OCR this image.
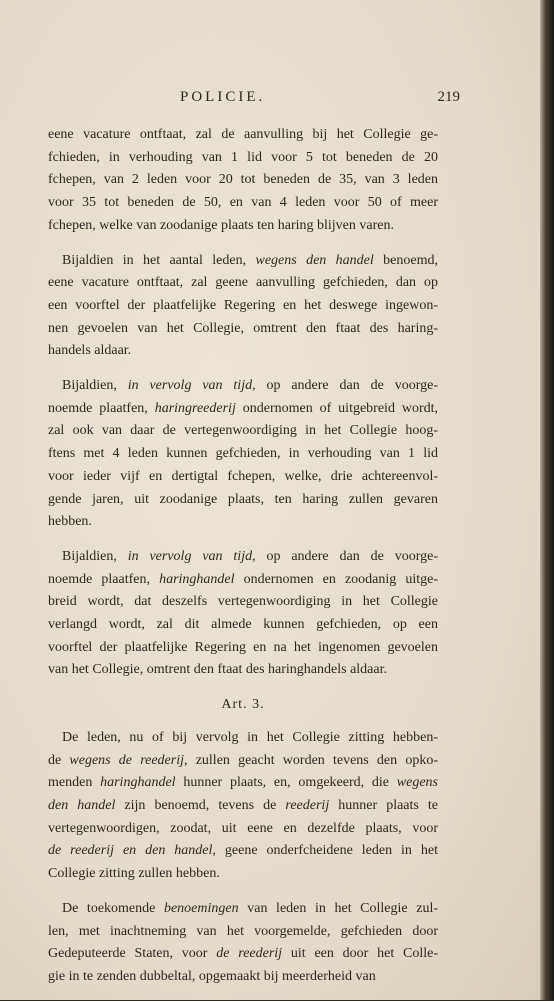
POLICIE.	219
eene vacature ontftaat, zal de aanvulling bij het Collegie ge-
fchieden, in verhouding van 1 lid voor 5 tot beneden de 20
fchepen, van 2 leden voor 20 tot beneden de 35, van 3 leden
voor 35 tot beneden de 50, en van 4 leden voor 50 of meer
fchepen, welke van zoodanige plaats ten haring blijven varen.
Bijaldien in het aantal leden, wegens den handel benoemd,
eene vacature ontftaat, zal geene aanvulling gefchieden, dan op
een voorftel der plaatfelijke Regering en het deswege ingewon-
nen gevoelen van het Collegie, omtrent den ftaat des haring-
handels aldaar.
Bijaldien, in vervolg van tijd, op andere dan de voorge-
noemde plaatfen, haringreederij ondernomen of uitgebreid wordt,
zal ook van daar de vertegenwoordiging in het Collegie hoog-
ftens met 4 leden kunnen gefchieden, in verhouding van 1 lid
voor ieder vijf en dertigtal fchepen, welke, drie achtereenvol-
gende jaren, uit zoodanige plaats, ten haring zullen gevaren
hebben.
Bijaldien, in vervolg van tijd, op andere dan de voorge-
noemde plaatfen, haringhandel ondernomen en zoodanig uitge-
breid wordt, dat deszelfs vertegenwoordiging in het Collegie
verlangd wordt, zal dit almede kunnen gefchieden, op een
voorftel der plaatfelijke Regering en na het ingenomen gevoelen
van het Collegie, omtrent den ftaat des haringhandels aldaar.
Art. 3.
De leden, nu of bij vervolg in het Collegie zitting hebben-
de wegens de reederij, zullen geacht worden tevens den opko-
menden haringhandel hunner plaats, en, omgekeerd, die wegens
den handel zijn benoemd, tevens de reederij hunner plaats te
vertegenwoordigen, zoodat, uit eene en dezelfde plaats, voor
de reederij en den handel, geene onderfcheidene leden in het
Collegie zitting zullen hebben.
De toekomende benoemingen van leden in het Collegie zul-
len, met inachtneming van het voorgemelde, gefchieden door
Gedeputeerde Staten, voor de reederij uit een door het Colle-
gie in te zenden dubbeltal, opgemaakt bij meerderheid van
